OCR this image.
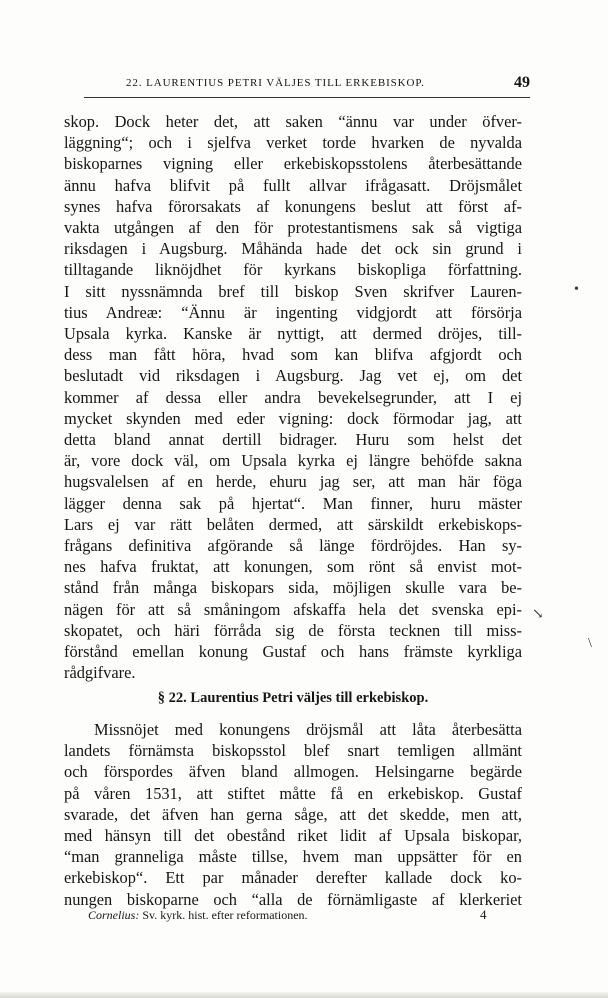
22. LAURENTIUS PETRI VÄLJES TILL ERKEBISKOP.	49
skop. Dock heter det, att saken “ännu var under öfver-
läggning“; och i sjelfva verket torde hvarken de nyvalda
biskoparnes vigning eller erkebiskopsstolens återbesättande
ännu hafva blifvit på fullt allvar ifrågasatt. Dröjsmålet
synes hafva förorsakats af konungens beslut att först af-
vakta utgången af den för protestantismens sak så vigtiga
riksdagen i Augsburg. Måhända hade det ock sin grund i
tilltagande liknöjdhet för kyrkans biskopliga författning.
I sitt nyssnämnda bref till biskop Sven skrifver Lauren-
tius Andreæ: “Ännu är ingenting vidgjordt att försörja
Upsala kyrka. Kanske är nyttigt, att dermed dröjes, till-
dess man fått höra, hvad som kan blifva afgjordt och
beslutadt vid riksdagen i Augsburg. Jag vet ej, om det
kommer af dessa eller andra bevekelsegrunder, att I ej
mycket skynden med eder vigning: dock förmodar jag, att
detta bland annat dertill bidrager. Huru som helst det
är, vore dock väl, om Upsala kyrka ej längre behöfde sakna
hugsvalelsen af en herde, ehuru jag ser, att man här föga
lägger denna sak på hjertat“. Man finner, huru mäster
Lars ej var rätt belåten dermed, att särskildt erkebiskops-
frågans definitiva afgörande så länge fördröjdes. Han sy-
nes hafva fruktat, att konungen, som rönt så envist mot-
stånd från många biskopars sida, möjligen skulle vara be-
nägen för att så småningom afskaffa hela det svenska epi-
skopatet, och häri förråda sig de första tecknen till miss-
förstånd emellan konung Gustaf och hans främste kyrkliga
rådgifvare.
§ 22. Laurentius Petri väljes till erkebiskop.
Missnöjet med konungens dröjsmål att låta återbesätta
landets förnämsta biskopsstol blef snart temligen allmänt
och förspordes äfven bland allmogen. Helsingarne begärde
på våren 1531, att stiftet måtte få en erkebiskop. Gustaf
svarade, det äfven han gerna såge, att det skedde, men att,
med hänsyn till det obestånd riket lidit af Upsala biskopar,
“man granneliga måste tillse, hvem man uppsätter för en
erkebiskop“. Ett par månader derefter kallade dock ko-
nungen biskoparne och “alla de förnämligaste af klerkeriet
Cornelius: Sv. kyrk. hist. efter reformationen.	4
•
↘
\
